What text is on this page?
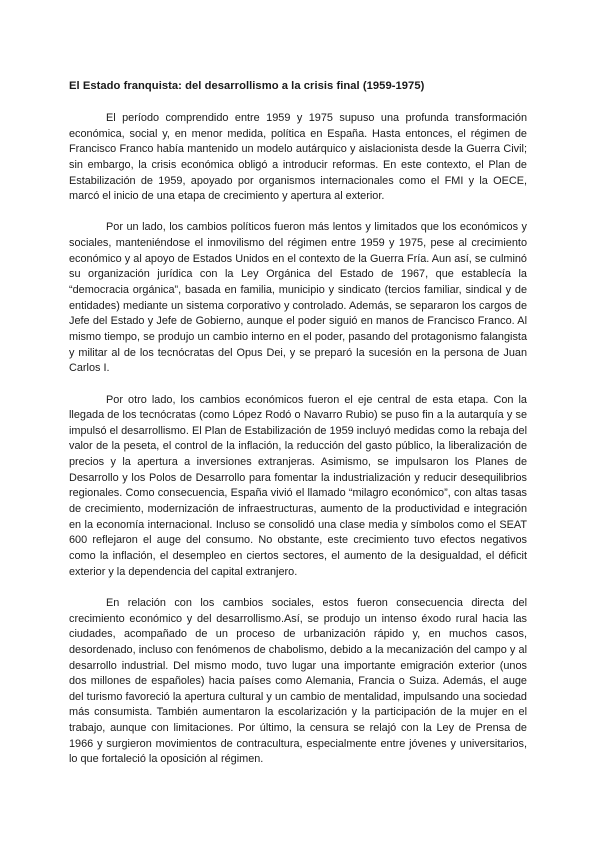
El Estado franquista: del desarrollismo a la crisis final (1959-1975)

El período comprendido entre 1959 y 1975 supuso una profunda transformación económica, social y, en menor medida, política en España. Hasta entonces, el régimen de Francisco Franco había mantenido un modelo autárquico y aislacionista desde la Guerra Civil; sin embargo, la crisis económica obligó a introducir reformas. En este contexto, el Plan de Estabilización de 1959, apoyado por organismos internacionales como el FMI y la OECE, marcó el inicio de una etapa de crecimiento y apertura al exterior.

Por un lado, los cambios políticos fueron más lentos y limitados que los económicos y sociales, manteniéndose el inmovilismo del régimen entre 1959 y 1975, pese al crecimiento económico y al apoyo de Estados Unidos en el contexto de la Guerra Fría. Aun así, se culminó su organización jurídica con la Ley Orgánica del Estado de 1967, que establecía la “democracia orgánica”, basada en familia, municipio y sindicato (tercios familiar, sindical y de entidades) mediante un sistema corporativo y controlado. Además, se separaron los cargos de Jefe del Estado y Jefe de Gobierno, aunque el poder siguió en manos de Francisco Franco. Al mismo tiempo, se produjo un cambio interno en el poder, pasando del protagonismo falangista y militar al de los tecnócratas del Opus Dei, y se preparó la sucesión en la persona de Juan Carlos I.

Por otro lado, los cambios económicos fueron el eje central de esta etapa. Con la llegada de los tecnócratas (como López Rodó o Navarro Rubio) se puso fin a la autarquía y se impulsó el desarrollismo. El Plan de Estabilización de 1959 incluyó medidas como la rebaja del valor de la peseta, el control de la inflación, la reducción del gasto público, la liberalización de precios y la apertura a inversiones extranjeras. Asimismo, se impulsaron los Planes de Desarrollo y los Polos de Desarrollo para fomentar la industrialización y reducir desequilibrios regionales. Como consecuencia, España vivió el llamado “milagro económico”, con altas tasas de crecimiento, modernización de infraestructuras, aumento de la productividad e integración en la economía internacional. Incluso se consolidó una clase media y símbolos como el SEAT 600 reflejaron el auge del consumo. No obstante, este crecimiento tuvo efectos negativos como la inflación, el desempleo en ciertos sectores, el aumento de la desigualdad, el déficit exterior y la dependencia del capital extranjero.

En relación con los cambios sociales, estos fueron consecuencia directa del crecimiento económico y del desarrollismo.Así, se produjo un intenso éxodo rural hacia las ciudades, acompañado de un proceso de urbanización rápido y, en muchos casos, desordenado, incluso con fenómenos de chabolismo, debido a la mecanización del campo y al desarrollo industrial. Del mismo modo, tuvo lugar una importante emigración exterior (unos dos millones de españoles) hacia países como Alemania, Francia o Suiza. Además, el auge del turismo favoreció la apertura cultural y un cambio de mentalidad, impulsando una sociedad más consumista. También aumentaron la escolarización y la participación de la mujer en el trabajo, aunque con limitaciones. Por último, la censura se relajó con la Ley de Prensa de 1966 y surgieron movimientos de contracultura, especialmente entre jóvenes y universitarios, lo que fortaleció la oposición al régimen.
